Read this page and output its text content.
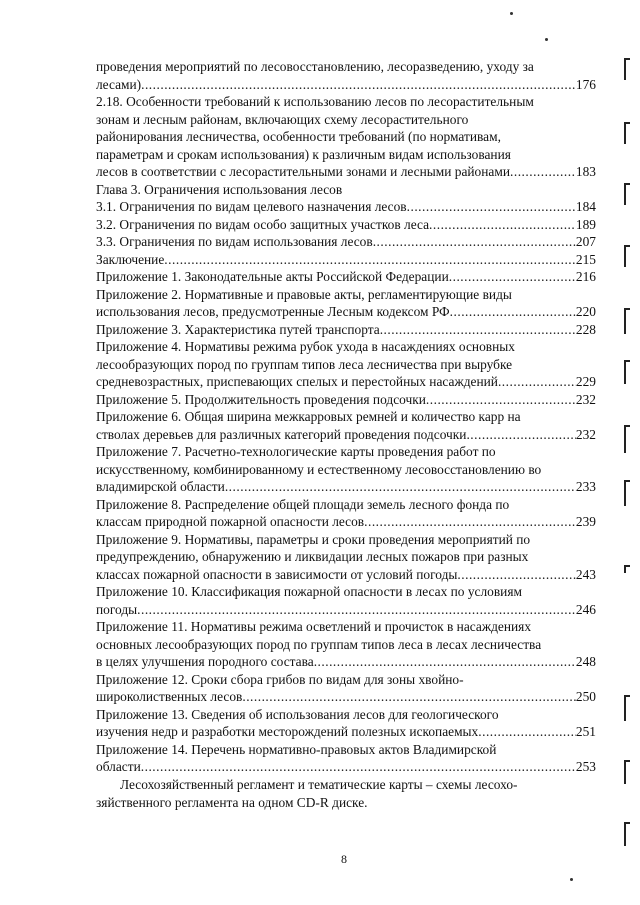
проведения мероприятий по лесовосстановлению, лесоразведению, уходу за
лесами) .....	176
2.18. Особенности требований к использованию лесов по лесорастительным
зонам и лесным районам, включающих схему лесорастительного
районирования лесничества, особенности требований (по нормативам,
параметрам и срокам использования) к различным видам использования
лесов в соответствии с лесорастительными зонами и лесными районами .....	183
Глава 3. Ограничения использования лесов
3.1. Ограничения по видам целевого назначения лесов .....	184
3.2. Ограничения по видам особо защитных участков леса .....	189
3.3. Ограничения по видам использования лесов .....	207
Заключение .....	215
Приложение 1. Законодательные акты Российской Федерации .....	216
Приложение 2. Нормативные и правовые акты, регламентирующие виды
использования лесов, предусмотренные Лесным кодексом РФ .....	220
Приложение 3. Характеристика путей транспорта .....	228
Приложение 4. Нормативы режима рубок ухода в насаждениях основных
лесообразующих пород по группам типов леса лесничества при вырубке
средневозрастных, приспевающих спелых и перестойных насаждений .....	229
Приложение 5. Продолжительность проведения подсочки .....	232
Приложение 6. Общая ширина межкарровых ремней и количество карр на
стволах деревьев для различных категорий проведения подсочки .....	232
Приложение 7. Расчетно-технологические карты проведения работ по
искусственному, комбинированному и естественному лесовосстановлению во
владимирской области .....	233
Приложение 8. Распределение общей площади земель лесного фонда по
классам природной пожарной опасности лесов .....	239
Приложение 9. Нормативы, параметры и сроки проведения мероприятий по
предупреждению, обнаружению и ликвидации лесных пожаров при разных
классах пожарной опасности в зависимости от условий погоды .....	243
Приложение 10. Классификация пожарной опасности в лесах по условиям
погоды .....	246
Приложение 11. Нормативы режима осветлений и прочисток в насаждениях
основных лесообразующих пород по группам типов леса в лесах лесничества
в целях улучшения породного состава .....	248
Приложение 12. Сроки сбора грибов по видам для зоны хвойно-
широколиственных лесов .....	250
Приложение 13. Сведения об использования лесов для геологического
изучения недр и разработки месторождений полезных ископаемых .....	251
Приложение 14. Перечень нормативно-правовых актов Владимирской
области .....	253
Лесохозяйственный регламент и тематические карты – схемы лесохо-
зяйственного регламента на одном CD-R диске.
8
